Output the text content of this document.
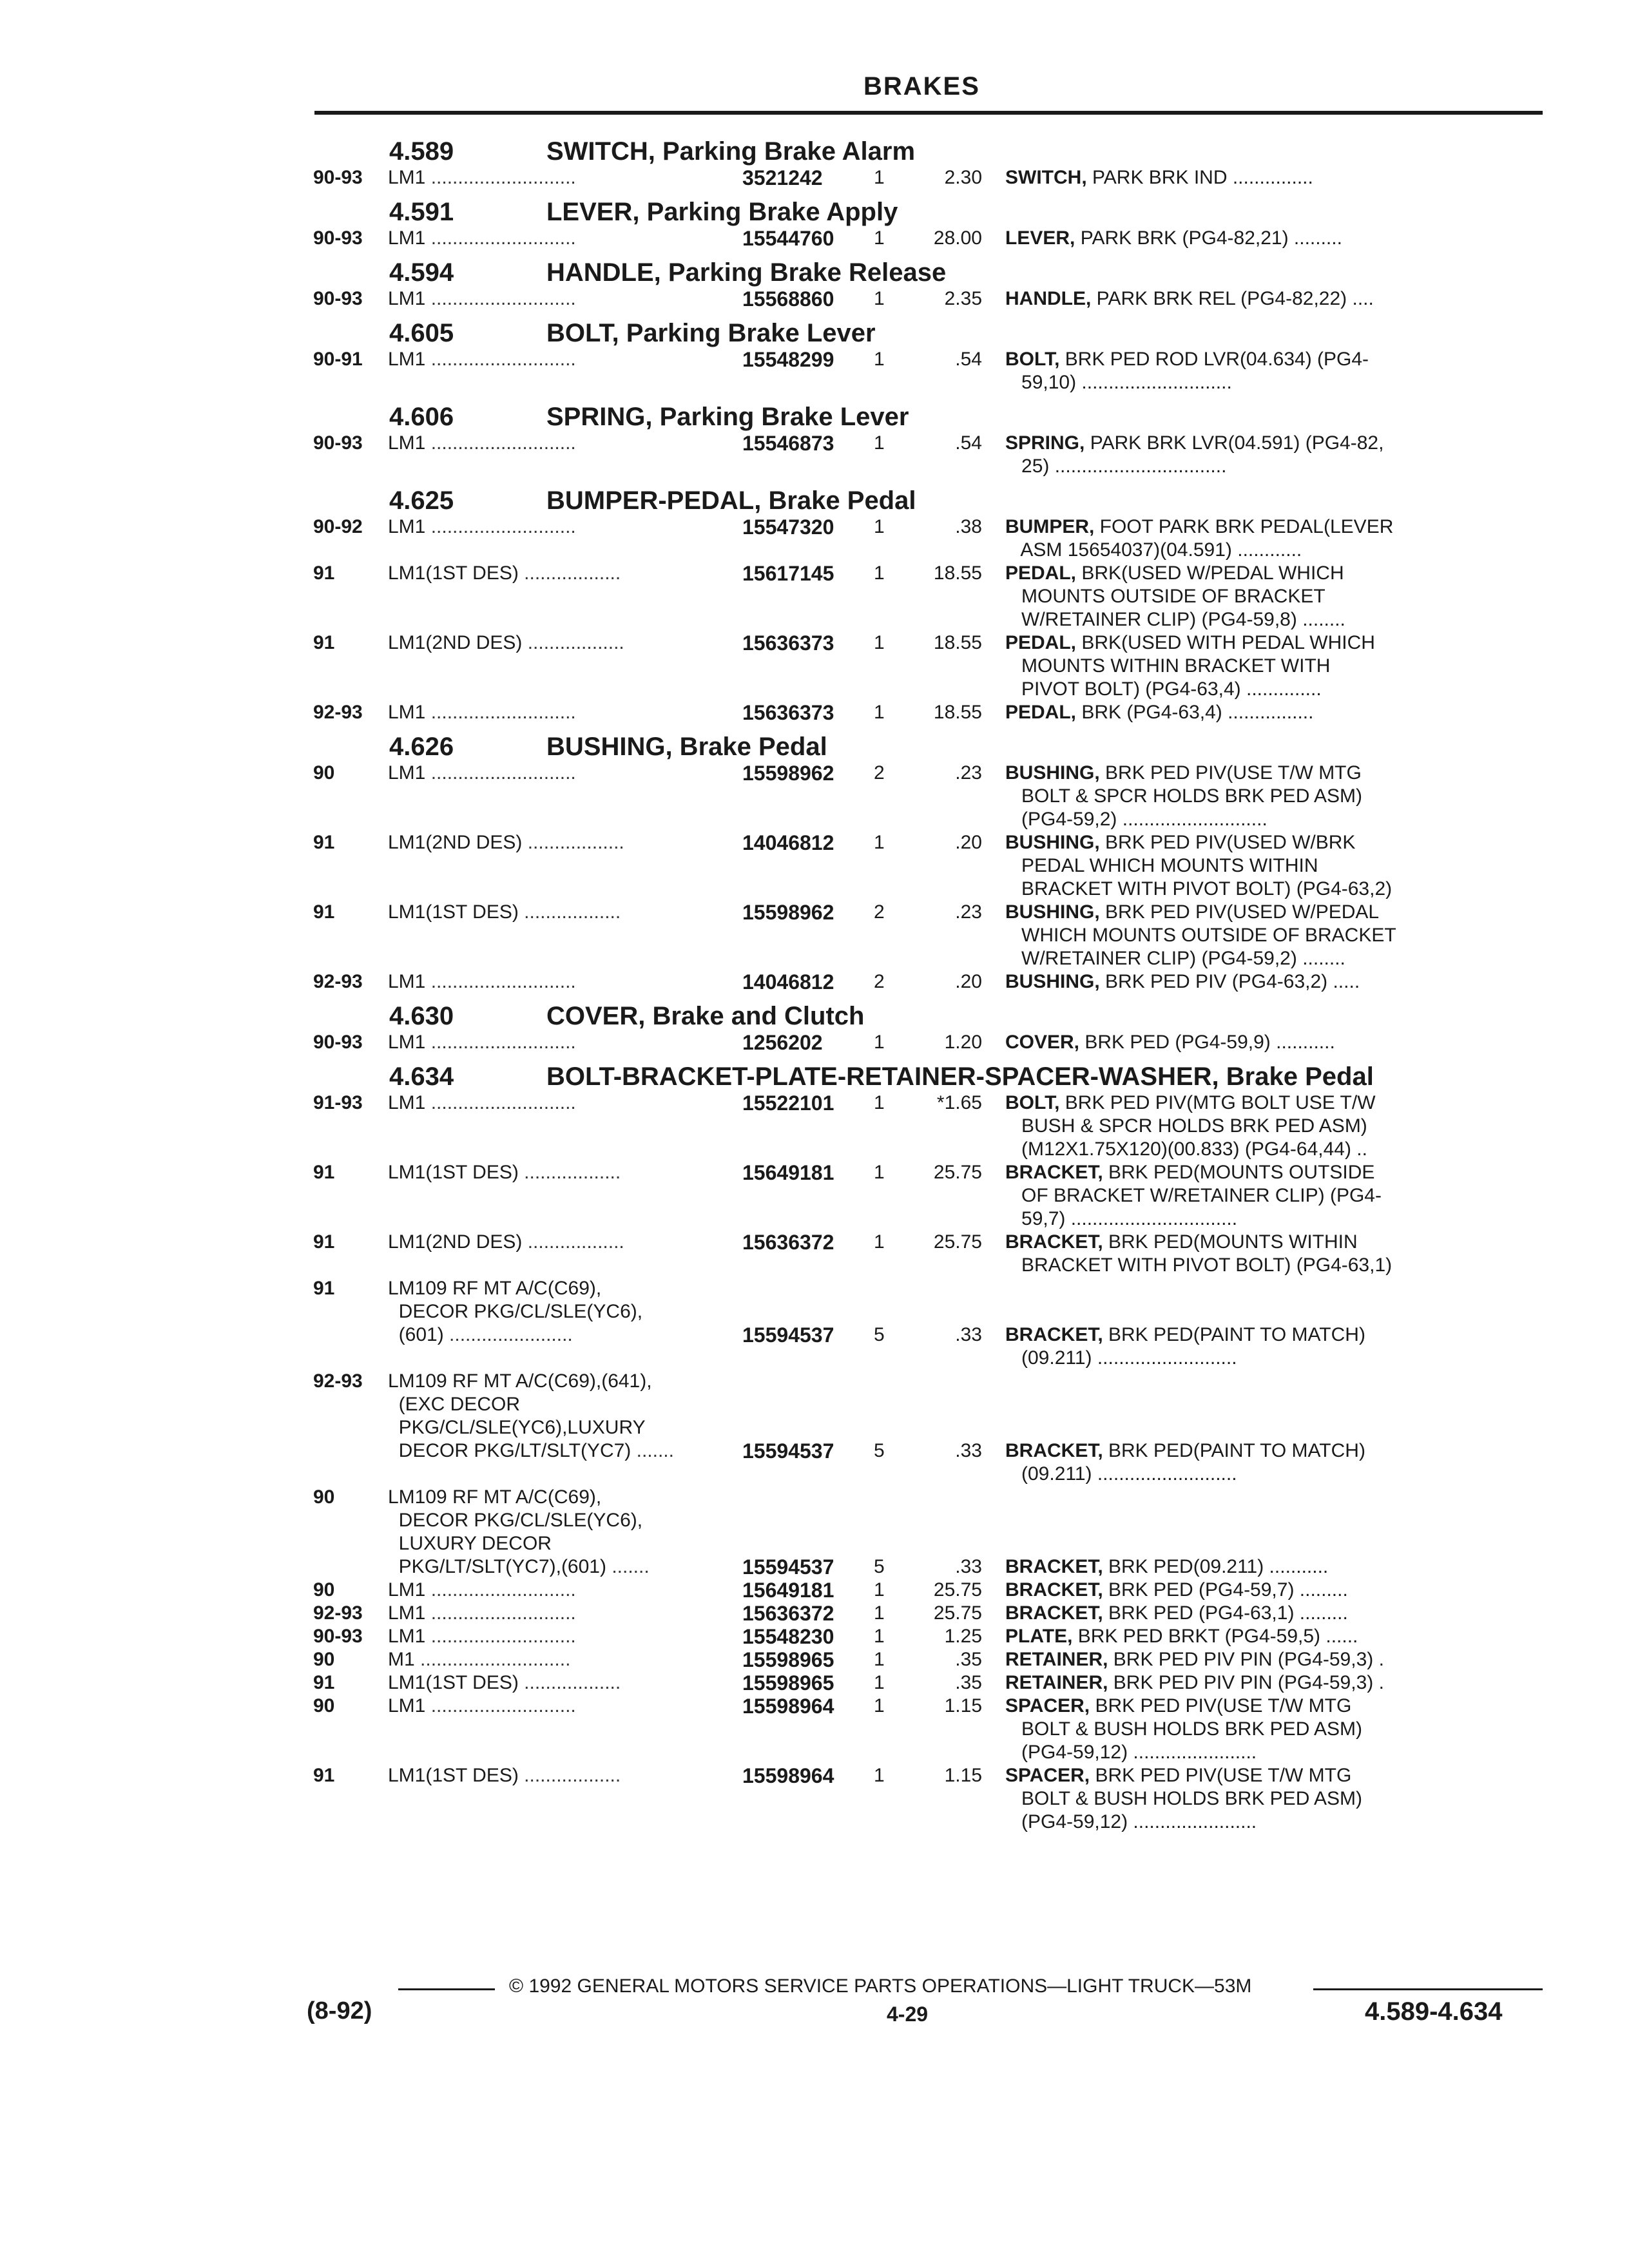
BRAKES
4.589	SWITCH, Parking Brake Alarm
90-93	LM1 ...........................	3521242	1	2.30	SWITCH, PARK BRK IND ...............
4.591	LEVER, Parking Brake Apply
90-93	LM1 ...........................	15544760	1	28.00	LEVER, PARK BRK (PG4-82,21) .........
4.594	HANDLE, Parking Brake Release
90-93	LM1 ...........................	15568860	1	2.35	HANDLE, PARK BRK REL (PG4-82,22) ....
4.605	BOLT, Parking Brake Lever
90-91	LM1 ...........................	15548299	1	.54	BOLT, BRK PED ROD LVR(04.634) (PG4-
59,10) ............................
4.606	SPRING, Parking Brake Lever
90-93	LM1 ...........................	15546873	1	.54	SPRING, PARK BRK LVR(04.591) (PG4-82,
25) ................................
4.625	BUMPER-PEDAL, Brake Pedal
90-92	LM1 ...........................	15547320	1	.38	BUMPER, FOOT PARK BRK PEDAL(LEVER
ASM 15654037)(04.591) ............
91	LM1(1ST DES) ..................	15617145	1	18.55	PEDAL, BRK(USED W/PEDAL WHICH
MOUNTS OUTSIDE OF BRACKET
W/RETAINER CLIP) (PG4-59,8) ........
91	LM1(2ND DES) ..................	15636373	1	18.55	PEDAL, BRK(USED WITH PEDAL WHICH
MOUNTS WITHIN BRACKET WITH
PIVOT BOLT) (PG4-63,4) ..............
92-93	LM1 ...........................	15636373	1	18.55	PEDAL, BRK (PG4-63,4) ................
4.626	BUSHING, Brake Pedal
90	LM1 ...........................	15598962	2	.23	BUSHING, BRK PED PIV(USE T/W MTG
BOLT & SPCR HOLDS BRK PED ASM)
(PG4-59,2) ...........................
91	LM1(2ND DES) ..................	14046812	1	.20	BUSHING, BRK PED PIV(USED W/BRK
PEDAL WHICH MOUNTS WITHIN
BRACKET WITH PIVOT BOLT) (PG4-63,2)
91	LM1(1ST DES) ..................	15598962	2	.23	BUSHING, BRK PED PIV(USED W/PEDAL
WHICH MOUNTS OUTSIDE OF BRACKET
W/RETAINER CLIP) (PG4-59,2) ........
92-93	LM1 ...........................	14046812	2	.20	BUSHING, BRK PED PIV (PG4-63,2) .....
4.630	COVER, Brake and Clutch
90-93	LM1 ...........................	1256202	1	1.20	COVER, BRK PED (PG4-59,9) ...........
4.634	BOLT-BRACKET-PLATE-RETAINER-SPACER-WASHER, Brake Pedal
91-93	LM1 ...........................	15522101	1	*1.65	BOLT, BRK PED PIV(MTG BOLT USE T/W
BUSH & SPCR HOLDS BRK PED ASM)
(M12X1.75X120)(00.833) (PG4-64,44) ..
91	LM1(1ST DES) ..................	15649181	1	25.75	BRACKET, BRK PED(MOUNTS OUTSIDE
OF BRACKET W/RETAINER CLIP) (PG4-
59,7) ...............................
91	LM1(2ND DES) ..................	15636372	1	25.75	BRACKET, BRK PED(MOUNTS WITHIN
BRACKET WITH PIVOT BOLT) (PG4-63,1)
91	LM109 RF MT A/C(C69),
DECOR PKG/CL/SLE(YC6),
(601) .......................	15594537	5	.33	BRACKET, BRK PED(PAINT TO MATCH)
(09.211) ..........................
92-93	LM109 RF MT A/C(C69),(641),
(EXC DECOR
PKG/CL/SLE(YC6),LUXURY
DECOR PKG/LT/SLT(YC7) .......	15594537	5	.33	BRACKET, BRK PED(PAINT TO MATCH)
(09.211) ..........................
90	LM109 RF MT A/C(C69),
DECOR PKG/CL/SLE(YC6),
LUXURY DECOR
PKG/LT/SLT(YC7),(601) .......	15594537	5	.33	BRACKET, BRK PED(09.211) ...........
90	LM1 ...........................	15649181	1	25.75	BRACKET, BRK PED (PG4-59,7) .........
92-93	LM1 ...........................	15636372	1	25.75	BRACKET, BRK PED (PG4-63,1) .........
90-93	LM1 ...........................	15548230	1	1.25	PLATE, BRK PED BRKT (PG4-59,5) ......
90	M1 ............................	15598965	1	.35	RETAINER, BRK PED PIV PIN (PG4-59,3) .
91	LM1(1ST DES) ..................	15598965	1	.35	RETAINER, BRK PED PIV PIN (PG4-59,3) .
90	LM1 ...........................	15598964	1	1.15	SPACER, BRK PED PIV(USE T/W MTG
BOLT & BUSH HOLDS BRK PED ASM)
(PG4-59,12) .......................
91	LM1(1ST DES) ..................	15598964	1	1.15	SPACER, BRK PED PIV(USE T/W MTG
BOLT & BUSH HOLDS BRK PED ASM)
(PG4-59,12) .......................
© 1992 GENERAL MOTORS SERVICE PARTS OPERATIONS—LIGHT TRUCK—53M
(8-92)	4-29	4.589-4.634
